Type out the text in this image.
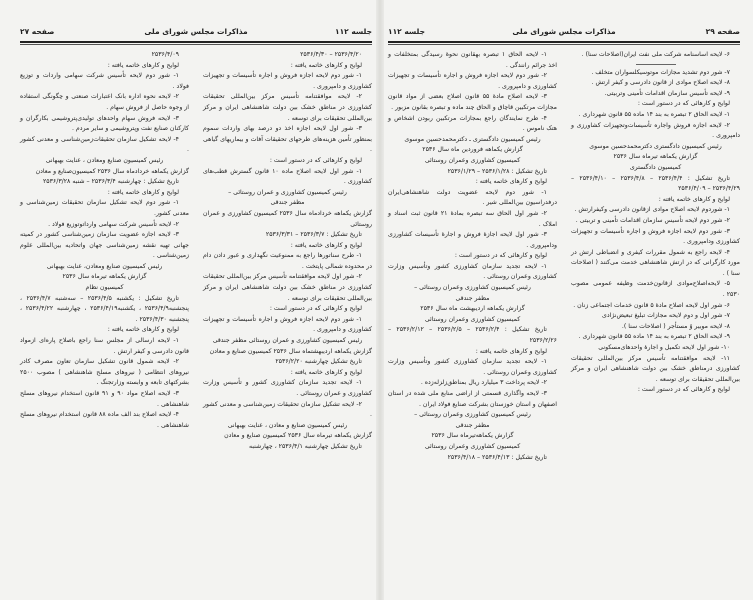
جلسه ۱۱۲
مذاکرات مجلس شورای ملی
صفحه ۲۷

۲۵۳۶/۴/۲۰ – ۲۵۳۶/۴/۳۰

لوایح و کارهای خاتمه یافته :

۱- شور دوم لایحه اجازه فروش و اجاره تأسیسات و تجهیزات کشاورزی و دامپروری .

۲- لایحه موافقتنامه تأسیس مرکز بین‌المللی تحقیقات کشاورزی در مناطق خشک بین دولت شاهنشاهی ایران و مرکز بین‌المللی تحقیقات برای توسعه .

۳- شور اول لایحه اجازه اخذ دو درصد بهای واردات سموم بمنظور تأمین هزینه‌های طرحهای تحقیقات آفات و بیماریهای گیاهی .

لوایح و کارهائی که در دستور است :

۱- شور اول لایحه اصلاح ماده ۱۰ قانون گسترش قطب‌های کشاورزی .

رئیس کمیسیون کشاورزی و عمران روستائی –

مظفر جندقی

گزارش یکماهه خردادماه سال ۲۵۳۶ کمیسیون کشاورزی و عمران روستائی

تاریخ تشکیل : ۲۵۳۶/۳/۷ – ۲۵۳۶/۳/۳۱

لوایح و کارهای خاتمه یافته :

۱- طرح سناتورها راجع به ممنوعیت نگهداری و عبور دادن دام در محدوده شمالی پایتخت .

۲- شور اول لایحه موافقتنامه تأسیس مرکز بین‌المللی تحقیقات کشاورزی در مناطق خشک بین دولت شاهنشاهی ایران و مرکز بین‌المللی تحقیقات برای توسعه .

لوایح و کارهائی که در دستور است :

۱- شور دوم لایحه اجازه فروش و اجاره تأسیسات و تجهیزات کشاورزی و دامپروری .

رئیس کمیسیون کشاورزی و عمران روستائی مظفر جندقی

گزارش یکماهه اردیبهشتماه سال ۲۵۳۶ کمیسیون صنایع و معادن

تاریخ تشکیل چهارشنبه ۲۵۳۶/۲/۲۰

لوایح و کارهای خاتمه یافته :

۱- لایحه تجدید سازمان کشاورزی کشور و تأسیس وزارت کشاورزی و عمران روستائی .

۲- لایحه تشکیل سازمان تحقیقات زمین‌شناسی و معدنی کشور .

رئیس کمیسیون صنایع و معادن ، عنایت بهبهانی

گزارش یکماهه تیرماه سال ۲۵۳۶ کمیسیون صنایع و معادن

تاریخ تشکیل چهارشنبه ۲۵۳۶/۴/۱ ، چهارشنبه

۲۵۳۶/۴/۰۹

لوایح و کارهای خاتمه یافته :

۱- شور دوم لایحه تأسیس شرکت سهامی واردات و توزیع فولاد .

۲- لایحه نحوه اداره بانک اعتبارات صنعتی و چگونگی استفاده از وجوه حاصل از فروش سهام .

۳- لایحه فروش سهام واحدهای تولیدی‌پتروشیمی بکارگران و کارکنان صنایع نفت وپتروشیمی و سایر مردم .

۴- لایحه تشکیل سازمان تحقیقات‌زمین‌شناسی و معدنی کشور .

رئیس کمیسیون صنایع ومعادن ، عنایت بهبهانی

گزارش یکماهه خردادماه سال ۲۵۳۶ کمیسیون‌صنایع و معادن

تاریخ تشکیل : چهارشنبه ۲۵۳۶/۳/۴ – شنبه ۲۵۳۶/۳/۲۸

لوایح و کارهای خاتمه یافته :

۱- شور دوم لایحه تشکیل سازمان تحقیقات زمین‌شناسی و معدنی کشور.

۲- لایحه تأسیس شرکت سهامی وارداتوتوزیع فولاد .

۳- لایحه اجازه عضویت سازمان زمین‌شناسی کشور در کمیته جهانی تهیه نقشه زمین‌شناسی جهان واتحادیه بین‌المللی علوم زمین‌شناسی .

رئیس کمیسیون صنایع ومعادن، عنایت بهبهانی

گزارش یکماهه تیرماه سال ۲۵۳۶

کمیسیون نظام

تاریخ تشکیل : یکشنبه ۲۵۳۶/۴/۵ – سه‌شنبه ۲۵۳۶/۴/۷ ، پنجشنبه۲۵۳۶/۴/۹ ، یکشنبه۲۵۳۶/۴/۱۹ ، چهارشنبه ۲۵۳۶/۴/۲۲ ، پنجشنبه ۲۵۳۶/۴/۳۰ .

لوایح و کارهای خاتمه یافته :

۱- لایحه ارسالی از مجلس سنا راجع باصلاح پاره‌ای ازمواد قانون دادرسی و کیفر ارتش .

۲- لایحه شمول قانون تشکیل سازمان تعاون مصرف کادر نیروهای انتظامی ( نیروهای مسلح شاهنشاهی ) مصوب ۲۵۰۰ بشرکتهای تابعه و وابسته وزارتجنگ .

۳- لایحه اصلاح مواد ۹۰ و ۹۱ قانون استخدام نیروهای مسلح شاهنشاهی .

۴- لایحه اصلاح بند الف ماده ۸۸ قانون استخدام نیروهای مسلح شاهنشاهی .

صفحه ۲۹
مذاکرات مجلس شورای ملی
جلسه ۱۱۲

۶- لایحه اساسنامه شرکت ملی نفت ایران(اصلاحات سنا) .

۷- شور دوم تشدید مجازات موتوسیکلسواران متخلف .

۸- لایحه اصلاح موادی از قانون دادرسی و کیفر ارتش .

۹- لایحه تأسیس سازمان اقدامات تأمینی وتربیتی.

لوایح و کارهائی که در دستور است :

۱- لایحه الحاق ۲ تبصره به بند ۱۴ ماده ۵۵ قانون شهرداری .

۲- لایحه اجازه فروش واجاره تأسیسات‌وتجهیزات کشاورزی و دامپروری .

رئیس کمیسیون دادگستری دکترمحمدحسین موسوی

گزارش یکماهه تیرماه سال ۲۵۳۶

کمیسیون دادگستری

تاریخ تشکیل : ۲۵۳۶/۴/۴ – ۲۵۳۶/۴/۸ – ۲۵۳۶/۴/۱۰ – ۲۵۳۶/۴/۲۹ – ۲۵۳۶/۴/۰۹

لوایح و کارهای خاتمه یافته :

۱- شوردوم لایحه اصلاح موادی ازقانون دادرسی وکیفرارتش .

۲- شور دوم لایحه تأسیس سازمان اقدامات تأمینی و تربیتی .

۳- شور دوم لایحه اجازه فروش و اجاره تأسیسات و تجهیزات کشاورزی ودامپروری .

۴- لایحه راجع به شمول مقررات کیفری و انضباطی ارتش در مورد کارگرانی که در ارتش شاهنشاهی خدمت می‌کنند ( اصلاحات سنا ) .

۵- لایحه‌اصلاح‌موادی ازقانون‌خدمت وظیفه عمومی مصوب ۲۵۳۰ .

۶- شور اول لایحه اصلاح مادهٔ ۵ قانون خدمات اجتماعی زنان .

۷- شور اول و دوم لایحه مجازات تبلیغ تبعیض‌نژادی

۸- لایحه موبیر وُ مستأجر ( اصلاحات سنا ).

۹- لایحه الحاق ۲ تبصره به بند ۱۴ ماده ۵۵ قانون شهرداری .

۱۰- شور اول لایحه تکمیل و اجارهٔ واحدهای‌مسکونی

۱۱- لایحه موافقتنامه تأسیس مرکز بین‌المللی تحقیقات کشاورزی درمناطق خشک بین دولت شاهنشاهی ایران و مرکز بین‌المللی تحقیقات برای توسعه .

لوایح و کارهائی که در دستور است :

۱- لایحه الحاق ۱ تبصره بهقانون نحوهٔ رسیدگی بمتخلفات و اخذ جرائم رانندگی .

۲- شور دوم لایحه اجازه فروش و اجاره تأسیسات و تجهیزات کشاورزی و دامپروری .

۳- لایحه اصلاح مادهٔ ۵۵ قانون اصلاح بعضی از مواد قانون مجازات مرتکبین قاچاق و الحاق چند ماده و تبصره بقانون مزبور .

۴- طرح نمایندگان راجع بمجازات مرتکبین ربودن اشخاص و هتک ناموس .

رئیس کمیسیون دادگستری ـ دکترمحمدحسین موسوی

گزارش یکماهه فروردین ماه سال ۲۵۳۶

کمیسیون کشاورزی وعمران روستائی

تاریخ تشکیل : ۲۵۳۶/۱/۲۸ – ۲۵۳۶/۱/۲۹

لوایح و کارهای خاتمه یافته :

۱- شور دوم لایحه عضویت دولت شاهنشاهی‌ایران درفدراسیون بین‌المللی شیر .

۲- شور اول الحاق سه تبصره بمادهٔ ۲۱ قانون ثبت اسناد و املاک .

۳- شور اول لایحه اجازهٔ فروش و اجارهٔ تأسیسات کشاورزی ودامپروری .

لوایح و کارهائی که در دستور است :

۱- لایحه تجدید سازمان کشاورزی کشور وتأسیس وزارت کشاورزی وعمران روستائی .

رئیس کمیسیون کشاورزی وعمران روستائی –

مظفر جندقی

گزارش یکماهه اردیبهشت ماه سال ۲۵۳۶

کمیسیون کشاورزی وعمران روستائی

تاریخ تشکیل : ۲۵۳۶/۲/۴ – ۲۵۳۶/۲/۵ – ۲۵۳۶/۲/۱۲ – ۲۵۳۶/۲/۲۶

لوایح و کارهای خاتمه یافته :

۱- لایحه تجدید سازمان کشاورزی کشور وتأسیس وزارت کشاورزی وعمران روستائی .

۲- لایحه پرداخت ۳ میلیارد ریال بمناطق‌زلزله‌زده .

۳- لایحه واگذاری قسمتی از اراضی منابع ملی شده در استان اصفهان و استان خوزستان بشرکت صنایع فولاد ایران .

رئیس کمیسیون کشاورزی وعمران روستائی –

مظفر جندقی

گزارش یکماهه‌تیرماه سال ۲۵۳۶

کمیسیون کشاورزی وعمران روستائی

تاریخ تشکیل : ۲۵۳۶/۴/۱۳ – ۲۵۳۶/۴/۱۸
